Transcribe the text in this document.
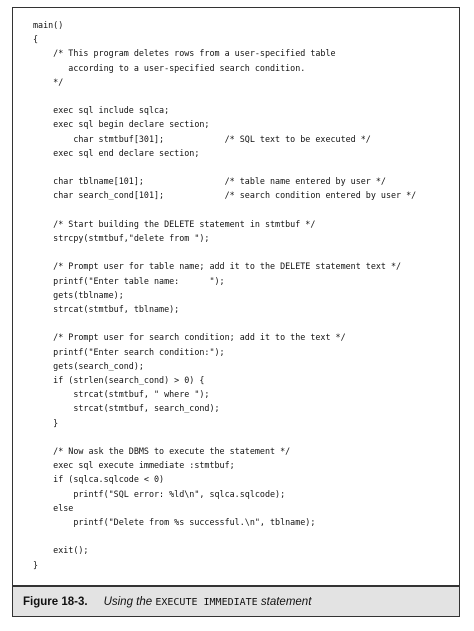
main()
{
/* This program deletes rows from a user-specified table
according to a user-specified search condition.
*/
exec sql include sqlca;
exec sql begin declare section;
char stmtbuf[301];            /* SQL text to be executed */
exec sql end declare section;
char tblname[101];                /* table name entered by user */
char search_cond[101];            /* search condition entered by user */
/* Start building the DELETE statement in stmtbuf */
strcpy(stmtbuf,"delete from ");
/* Prompt user for table name; add it to the DELETE statement text */
printf("Enter table name:      ");
gets(tblname);
strcat(stmtbuf, tblname);
/* Prompt user for search condition; add it to the text */
printf("Enter search condition:");
gets(search_cond);
if (strlen(search_cond) > 0) {
strcat(stmtbuf, " where ");
strcat(stmtbuf, search_cond);
}
/* Now ask the DBMS to execute the statement */
exec sql execute immediate :stmtbuf;
if (sqlca.sqlcode < 0)
printf("SQL error: %ld\n", sqlca.sqlcode);
else
printf("Delete from %s successful.\n", tblname);
exit();
}
Figure 18-3. Using the EXECUTE IMMEDIATE statement
